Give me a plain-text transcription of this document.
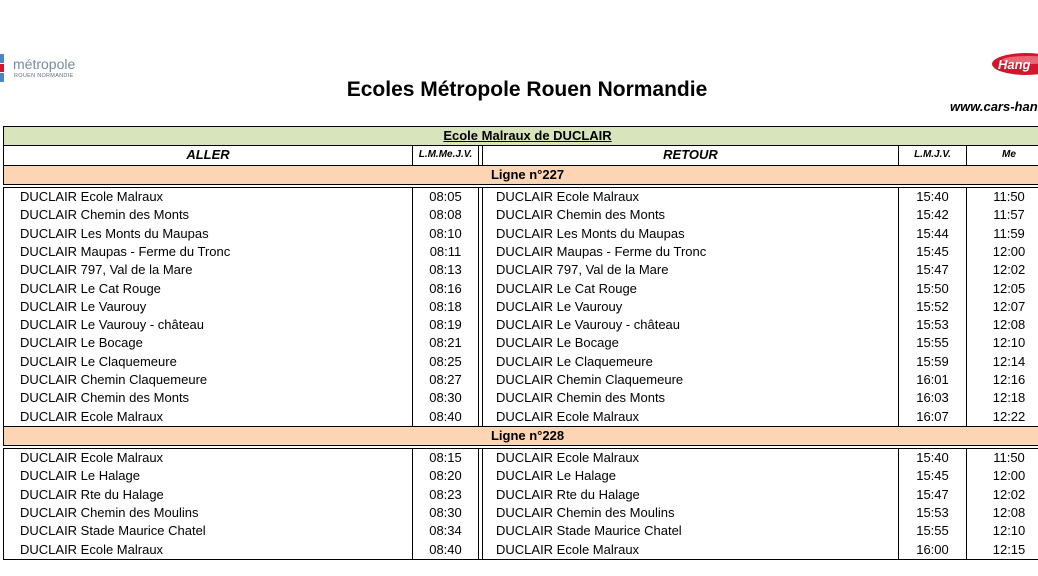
métropole
ROUEN NORMANDIE
Ecoles Métropole Rouen Normandie
Hang
www.cars-han
Ecole Malraux de DUCLAIR					
ALLER	L.M.Me.J.V.		RETOUR	L.M.J.V.	Me
Ligne n°227					
DUCLAIR Ecole Malraux	08:05		DUCLAIR Ecole Malraux	15:40	11:50
DUCLAIR Chemin des Monts	08:08		DUCLAIR Chemin des Monts	15:42	11:57
DUCLAIR Les Monts du Maupas	08:10		DUCLAIR Les Monts du Maupas	15:44	11:59
DUCLAIR Maupas - Ferme du Tronc	08:11		DUCLAIR Maupas - Ferme du Tronc	15:45	12:00
DUCLAIR 797, Val de la Mare	08:13		DUCLAIR 797, Val de la Mare	15:47	12:02
DUCLAIR Le Cat Rouge	08:16		DUCLAIR Le Cat Rouge	15:50	12:05
DUCLAIR Le Vaurouy	08:18		DUCLAIR Le Vaurouy	15:52	12:07
DUCLAIR Le Vaurouy - château	08:19		DUCLAIR Le Vaurouy - château	15:53	12:08
DUCLAIR Le Bocage	08:21		DUCLAIR Le Bocage	15:55	12:10
DUCLAIR Le Claquemeure	08:25		DUCLAIR Le Claquemeure	15:59	12:14
DUCLAIR Chemin Claquemeure	08:27		DUCLAIR Chemin Claquemeure	16:01	12:16
DUCLAIR Chemin des Monts	08:30		DUCLAIR Chemin des Monts	16:03	12:18
DUCLAIR Ecole Malraux	08:40		DUCLAIR Ecole Malraux	16:07	12:22
Ligne n°228					
DUCLAIR Ecole Malraux	08:15		DUCLAIR Ecole Malraux	15:40	11:50
DUCLAIR Le Halage	08:20		DUCLAIR Le Halage	15:45	12:00
DUCLAIR Rte du Halage	08:23		DUCLAIR Rte du Halage	15:47	12:02
DUCLAIR Chemin des Moulins	08:30		DUCLAIR Chemin des Moulins	15:53	12:08
DUCLAIR Stade Maurice Chatel	08:34		DUCLAIR Stade Maurice Chatel	15:55	12:10
DUCLAIR Ecole Malraux	08:40		DUCLAIR Ecole Malraux	16:00	12:15
